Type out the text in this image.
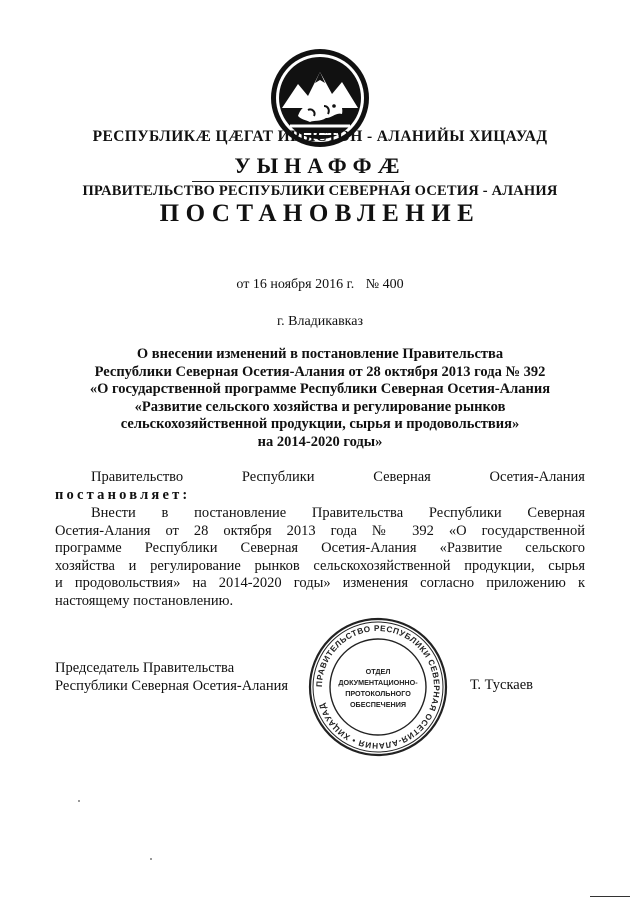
РЕСПУБЛИКӔ ЦӔГАТ ИРЫСТОН - АЛАНИЙЫ ХИЦАУАД
УЫНАФФӔ
ПРАВИТЕЛЬСТВО РЕСПУБЛИКИ СЕВЕРНАЯ ОСЕТИЯ - АЛАНИЯ
ПОСТАНОВЛЕНИЕ
от 16 ноября 2016 г. № 400
г. Владикавказ
О внесении изменений в постановление Правительства
Республики Северная Осетия-Алания от 28 октября 2013 года № 392
«О государственной программе Республики Северная Осетия-Алания
«Развитие сельского хозяйства и регулирование рынков
сельскохозяйственной продукции, сырья и продовольствия»
на 2014-2020 годы»
Правительство	Республики	Северная	Осетия-Алания
постановляет:
Внести в постановление Правительства Республики Северная
Осетия-Алания от 28 октября 2013 года № 392 «О государственной
программе Республики Северная Осетия-Алания «Развитие сельского
хозяйства и регулирование рынков сельскохозяйственной продукции, сырья
и продовольствия» на 2014-2020 годы» изменения согласно приложению к
настоящему постановлению.
Председатель Правительства
Республики Северная Осетия-Алания	ПРАВИТЕЛЬСТВО РЕСПУБЛИКИ СЕВЕРНАЯ ОСЕТИЯ-АЛАНИЯ • ХИЦАУАД
ОТДЕЛ
ДОКУМЕНТАЦИОННО-
ПРОТОКОЛЬНОГО
ОБЕСПЕЧЕНИЯ
Т. Тускаев
